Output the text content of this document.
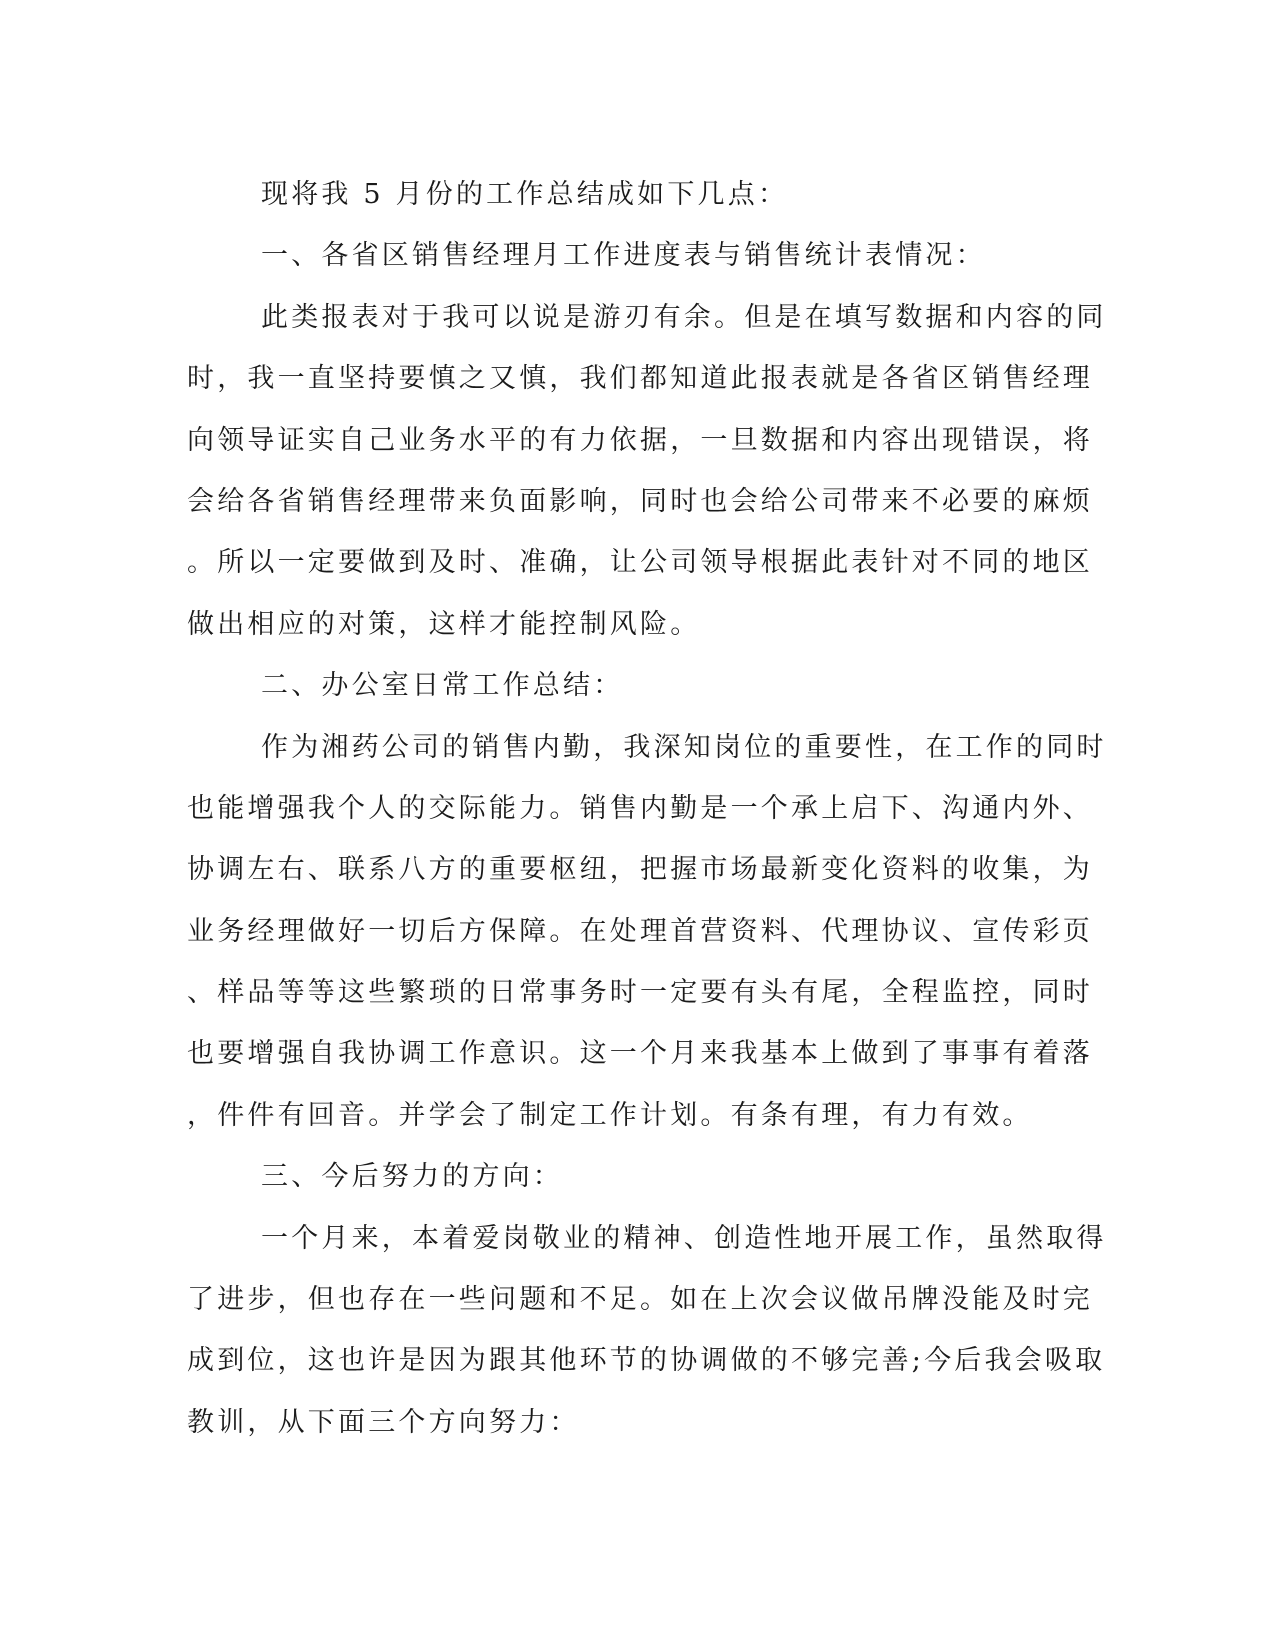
现将我 5 月份的工作总结成如下几点：
一、各省区销售经理月工作进度表与销售统计表情况：
此类报表对于我可以说是游刃有余。但是在填写数据和内容的同
时，我一直坚持要慎之又慎，我们都知道此报表就是各省区销售经理
向领导证实自己业务水平的有力依据，一旦数据和内容出现错误，将
会给各省销售经理带来负面影响，同时也会给公司带来不必要的麻烦
。所以一定要做到及时、准确，让公司领导根据此表针对不同的地区
做出相应的对策，这样才能控制风险。
二、办公室日常工作总结：
作为湘药公司的销售内勤，我深知岗位的重要性，在工作的同时
也能增强我个人的交际能力。销售内勤是一个承上启下、沟通内外、
协调左右、联系八方的重要枢纽，把握市场最新变化资料的收集，为
业务经理做好一切后方保障。在处理首营资料、代理协议、宣传彩页
、样品等等这些繁琐的日常事务时一定要有头有尾，全程监控，同时
也要增强自我协调工作意识。这一个月来我基本上做到了事事有着落
，件件有回音。并学会了制定工作计划。有条有理，有力有效。
三、今后努力的方向：
一个月来，本着爱岗敬业的精神、创造性地开展工作，虽然取得
了进步，但也存在一些问题和不足。如在上次会议做吊牌没能及时完
成到位，这也许是因为跟其他环节的协调做的不够完善;今后我会吸取
教训，从下面三个方向努力：
